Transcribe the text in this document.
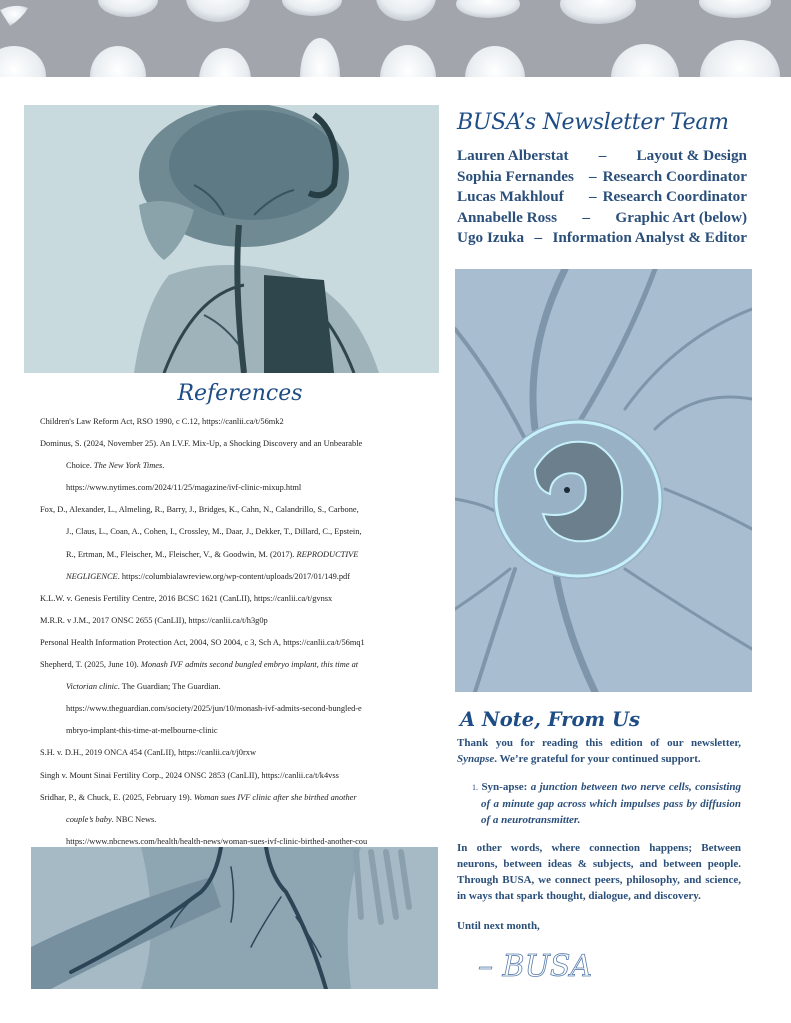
BUSA’s Newsletter Team
Lauren Alberstat	–	Layout & Design
Sophia Fernandes – Research Coordinator
Lucas Makhlouf	– Research Coordinator
Annabelle Ross	–	Graphic Art (below)
Ugo Izuka – Information Analyst & Editor
References
Children's Law Reform Act, RSO 1990, c C.12, https://canlii.ca/t/56mk2
Dominus, S. (2024, November 25). An I.V.F. Mix-Up, a Shocking Discovery and an Unbearable
Choice. The New York Times.
https://www.nytimes.com/2024/11/25/magazine/ivf-clinic-mixup.html
Fox, D., Alexander, L., Almeling, R., Barry, J., Bridges, K., Cahn, N., Calandrillo, S., Carbone,
J., Claus, L., Coan, A., Cohen, I., Crossley, M., Daar, J., Dekker, T., Dillard, C., Epstein,
R., Ertman, M., Fleischer, M., Fleischer, V., & Goodwin, M. (2017). REPRODUCTIVE
NEGLIGENCE. https://columbialawreview.org/wp-content/uploads/2017/01/149.pdf
K.L.W. v. Genesis Fertility Centre, 2016 BCSC 1621 (CanLII), https://canlii.ca/t/gvnsx
M.R.R. v J.M., 2017 ONSC 2655 (CanLII), https://canlii.ca/t/h3g0p
Personal Health Information Protection Act, 2004, SO 2004, c 3, Sch A, https://canlii.ca/t/56mq1
Shepherd, T. (2025, June 10). Monash IVF admits second bungled embryo implant, this time at
Victorian clinic. The Guardian; The Guardian.
https://www.theguardian.com/society/2025/jun/10/monash-ivf-admits-second-bungled-e
mbryo-implant-this-time-at-melbourne-clinic
S.H. v. D.H., 2019 ONCA 454 (CanLII), https://canlii.ca/t/j0rxw
Singh v. Mount Sinai Fertility Corp., 2024 ONSC 2853 (CanLII), https://canlii.ca/t/k4vss
Sridhar, P., & Chuck, E. (2025, February 19). Woman sues IVF clinic after she birthed another
couple’s baby. NBC News.
https://www.nbcnews.com/health/health-news/woman-sues-ivf-clinic-birthed-another-cou
A Note, From Us

Thank you for reading this edition of our newsletter, Synapse. We’re grateful for your continued support.

1. Syn-apse: a junction between two nerve cells, consisting of a minute gap across which impulses pass by diffusion of a neurotransmitter.

In other words, where connection happens; Between neurons, between ideas & subjects, and between people. Through BUSA, we connect peers, philosophy, and science, in ways that spark thought, dialogue, and discovery.

Until next month,

– BUSA
